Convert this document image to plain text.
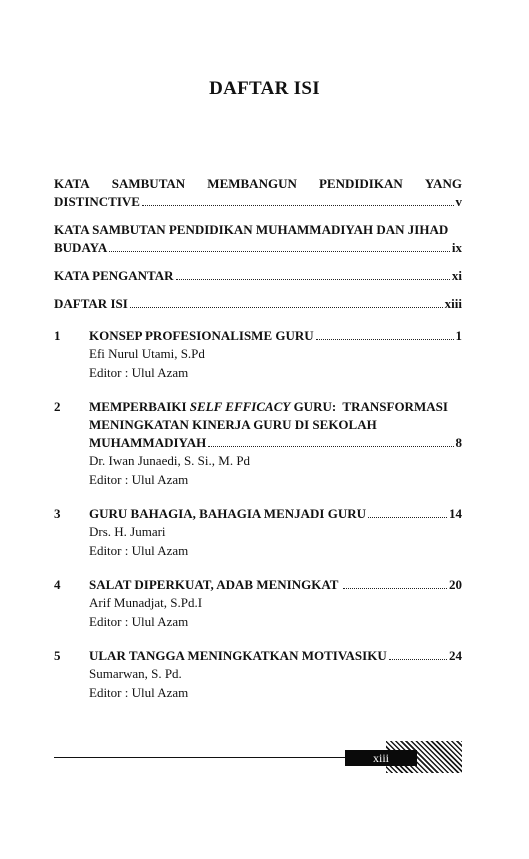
DAFTAR ISI
KATA SAMBUTAN MEMBANGUN PENDIDIKAN YANG
DISTINCTIVE	v
KATA SAMBUTAN PENDIDIKAN MUHAMMADIYAH DAN JIHAD
BUDAYA	ix
KATA PENGANTAR	xi
DAFTAR ISI	xiii
1	KONSEP PROFESIONALISME GURU	1
Efi Nurul Utami, S.Pd
Editor : Ulul Azam
2	MEMPERBAIKI SELF EFFICACY GURU:  TRANSFORMASI
MENINGKATAN KINERJA GURU DI SEKOLAH
MUHAMMADIYAH	8
Dr. Iwan Junaedi, S. Si., M. Pd
Editor : Ulul Azam
3	GURU BAHAGIA, BAHAGIA MENJADI GURU	14
Drs. H. Jumari
Editor : Ulul Azam
4	SALAT DIPERKUAT, ADAB MENINGKAT	20
Arif Munadjat, S.Pd.I
Editor : Ulul Azam
5	ULAR TANGGA MENINGKATKAN MOTIVASIKU	24
Sumarwan, S. Pd.
Editor : Ulul Azam
xiii
